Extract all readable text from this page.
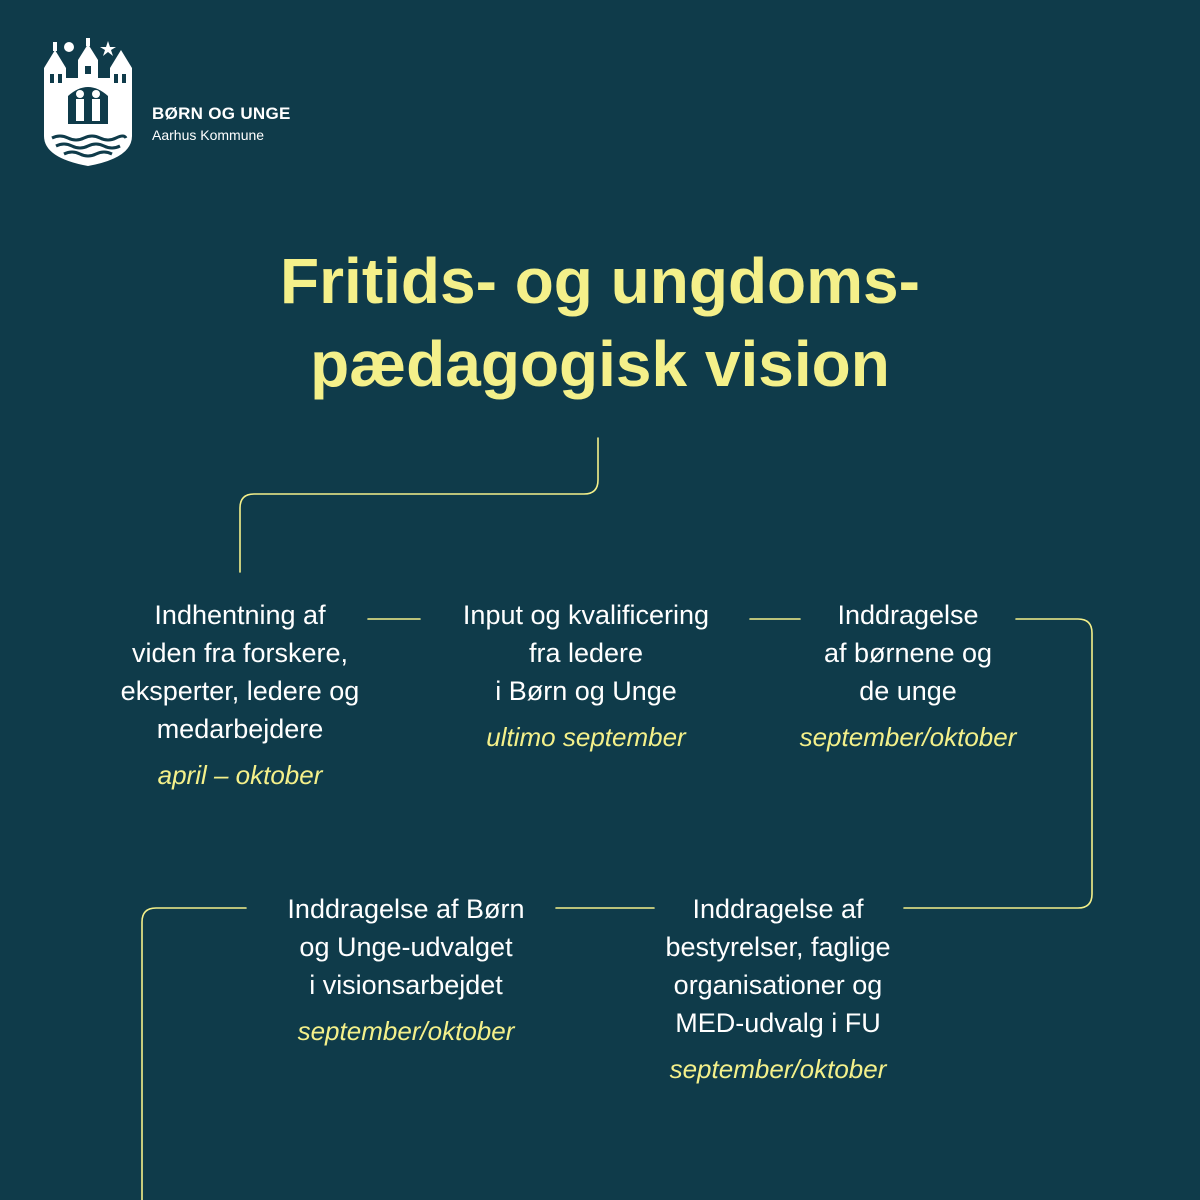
BØRN OG UNGE
Aarhus Kommune
Fritids- og ungdoms-
pædagogisk vision
Indhentning af
viden fra forskere,
eksperter, ledere og
medarbejdere
april – oktober
Input og kvalificering
fra ledere
i Børn og Unge
ultimo september
Inddragelse
af børnene og
de unge
september/oktober
Inddragelse af
bestyrelser, faglige
organisationer og
MED-udvalg i FU
september/oktober
Inddragelse af Børn
og Unge-udvalget
i visionsarbejdet
september/oktober
